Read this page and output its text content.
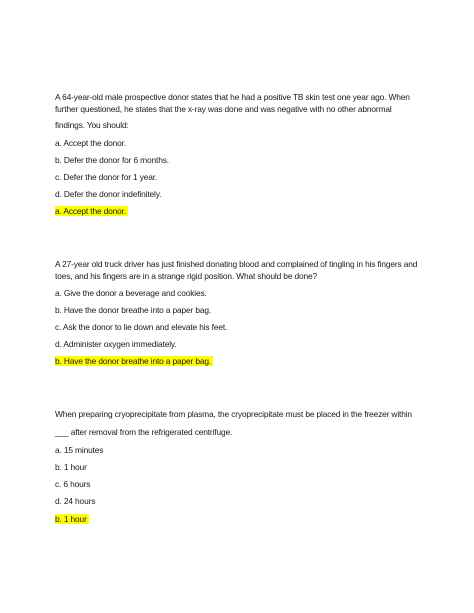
A 64-year-old male prospective donor states that he had a positive TB skin test one year ago. When
further questioned, he states that the x-ray was done and was negative with no other abnormal
findings. You should:
a. Accept the donor.
b. Defer the donor for 6 months.
c. Defer the donor for 1 year.
d. Defer the donor indefinitely.
a. Accept the donor.
A 27-year old truck driver has just finished donating blood and complained of tingling in his fingers and
toes, and his fingers are in a strange rigid position. What should be done?
a. Give the donor a beverage and cookies.
b. Have the donor breathe into a paper bag.
c. Ask the donor to lie down and elevate his feet.
d. Administer oxygen immediately.
b. Have the donor breathe into a paper bag.
When preparing cryoprecipitate from plasma, the cryoprecipitate must be placed in the freezer within
___ after removal from the refrigerated centrifuge.
a. 15 minutes
b. 1 hour
c. 6 hours
d. 24 hours
b. 1 hour
